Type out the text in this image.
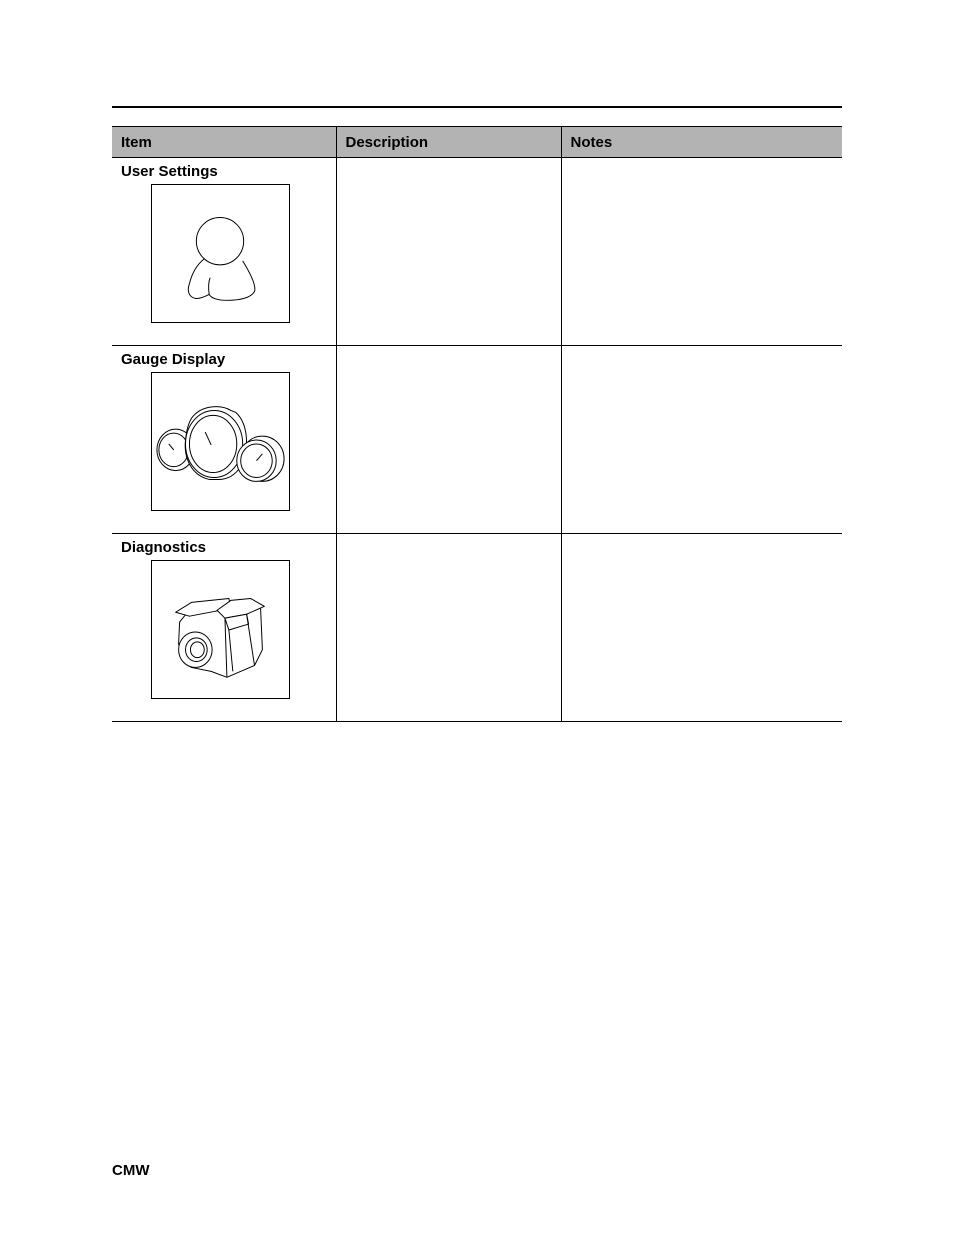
Item	Description	Notes

User Settings		

Gauge Display		

Diagnostics		

CMW
